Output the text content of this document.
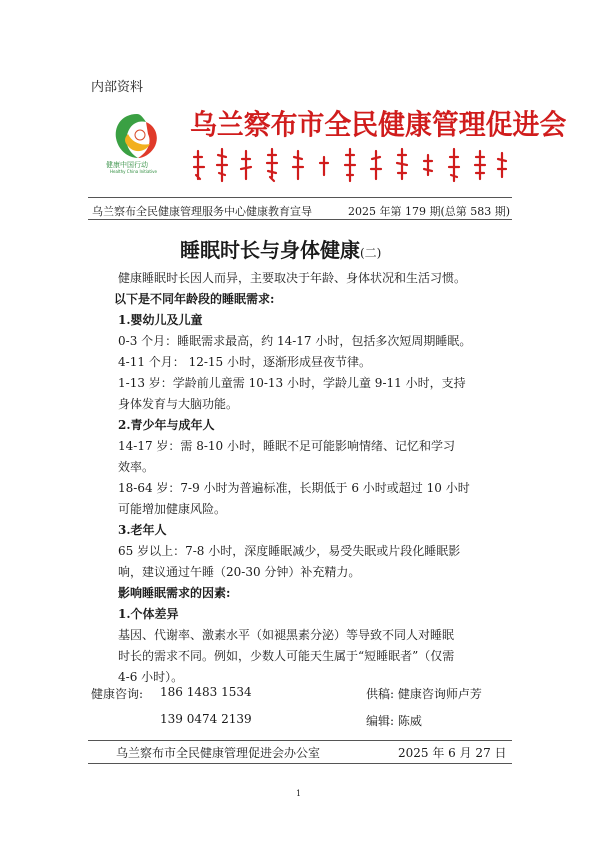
内部资料
健康中国行动
Healthy China Initiative
乌兰察布市全民健康管理促进会
乌兰察布全民健康管理服务中心健康教育宣导	2025 年第 179 期(总第 583 期)
睡眠时长与身体健康(二)

健康睡眠时长因人而异，主要取决于年龄、身体状况和生活习惯。

以下是不同年龄段的睡眠需求:

1.婴幼儿及儿童

0-3 个月：睡眠需求最高，约 14-17 小时，包括多次短周期睡眠。

4-11 个月： 12-15 小时，逐渐形成昼夜节律。

1-13 岁：学龄前儿童需 10-13 小时，学龄儿童 9-11 小时，支持

身体发育与大脑功能。

2.青少年与成年人

14-17 岁：需 8-10 小时，睡眠不足可能影响情绪、记忆和学习

效率。

18-64 岁：7-9 小时为普遍标准，长期低于 6 小时或超过 10 小时

可能增加健康风险。

3.老年人

65 岁以上：7-8 小时，深度睡眠减少，易受失眠或片段化睡眠影

响，建议通过午睡（20-30 分钟）补充精力。

影响睡眠需求的因素:

1.个体差异

基因、代谢率、激素水平（如褪黑素分泌）等导致不同人对睡眠

时长的需求不同。例如，少数人可能天生属于“短睡眠者”（仅需

4-6 小时）。

健康咨询: 186 1483 1534
139 0474 2139
供稿: 健康咨询师卢芳
编辑: 陈威
乌兰察布市全民健康管理促进会办公室	2025 年 6 月 27 日
1
